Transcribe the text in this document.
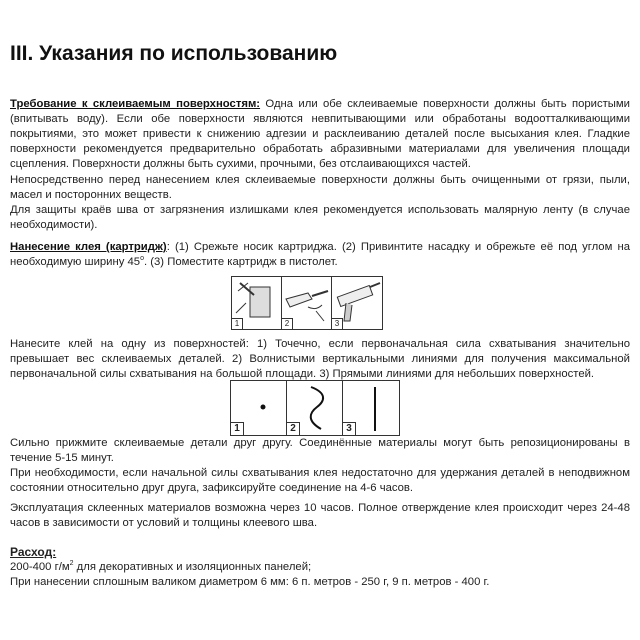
III. Указания по использованию

Требование к склеиваемым поверхностям: Одна или обе склеиваемые поверхности должны быть пористыми (впитывать воду). Если обе поверхности являются невпитывающими или обработаны водоотталкивающими покрытиями, это может привести к снижению адгезии и расклеиванию деталей после высыхания клея. Гладкие поверхности рекомендуется предварительно обработать абразивными материалами для увеличения площади сцепления. Поверхности должны быть сухими, прочными, без отслаивающихся частей.

Непосредственно перед нанесением клея склеиваемые поверхности должны быть очищенными от грязи, пыли, масел и посторонних веществ.

Для защиты краёв шва от загрязнения излишками клея рекомендуется использовать малярную ленту (в случае необходимости).

Нанесение клея (картридж): (1) Срежьте носик картриджа. (2) Привинтите насадку и обрежьте её под углом на необходимую ширину $45^о$. (3) Поместите картридж в пистолет.

1	2	3

Нанесите клей на одну из поверхностей: 1) Точечно, если первоначальная сила схватывания значительно превышает вес склеиваемых деталей. 2) Волнистыми вертикальными линиями для получения максимальной первоначальной силы схватывания на большой площади. 3) Прямыми линиями для небольших поверхностей.

1	2	3

Сильно прижмите склеиваемые детали друг другу. Соединённые материалы могут быть репозиционированы в течение 5-15 минут.

При необходимости, если начальной силы схватывания клея недостаточно для удержания деталей в неподвижном состоянии относительно друг друга, зафиксируйте соединение на 4-6 часов.

Эксплуатация склеенных материалов возможна через 10 часов. Полное отверждение клея происходит через 24-48 часов в зависимости от условий и толщины клеевого шва.

Расход:

200-400 $г/м^2$ для декоративных и изоляционных панелей;

При нанесении сплошным валиком диаметром 6 мм: 6 п. метров - 250 г, 9 п. метров - 400 г.
